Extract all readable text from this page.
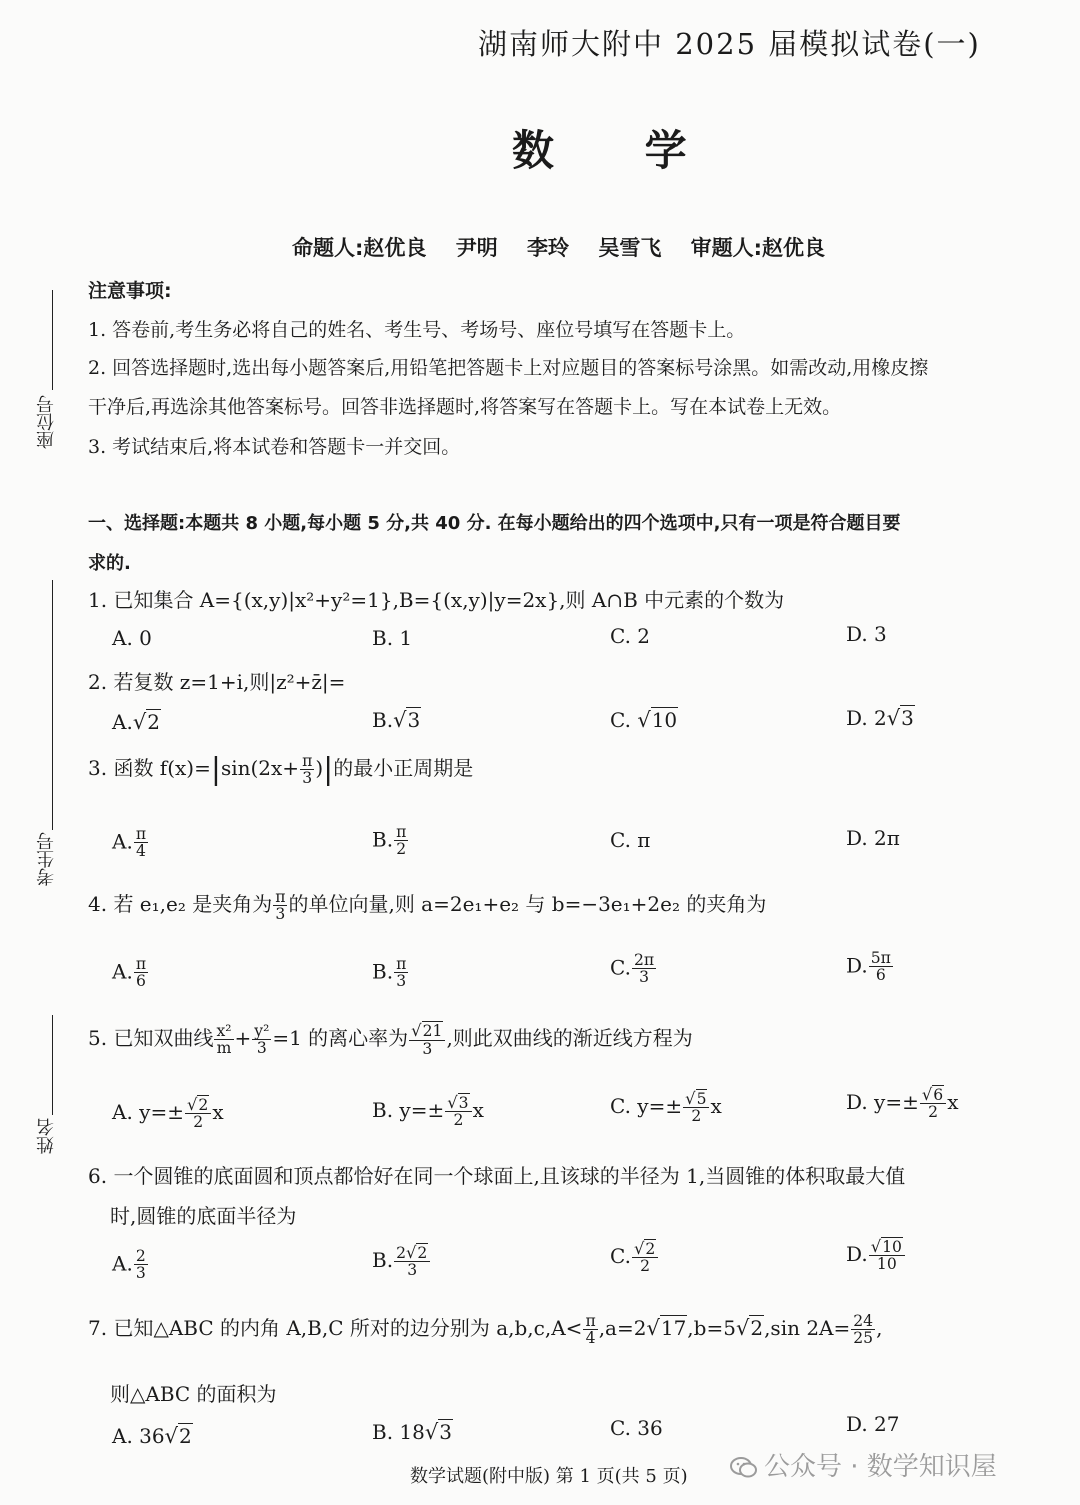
湖南师大附中 2025 届模拟试卷(一)
数 学
命题人:赵优良 尹明 李玲 吴雪飞 审题人:赵优良
座位号
考生号
姓名
注意事项:
1. 答卷前,考生务必将自己的姓名、考生号、考场号、座位号填写在答题卡上。
2. 回答选择题时,选出每小题答案后,用铅笔把答题卡上对应题目的答案标号涂黑。如需改动,用橡皮擦
干净后,再选涂其他答案标号。回答非选择题时,将答案写在答题卡上。写在本试卷上无效。
3. 考试结束后,将本试卷和答题卡一并交回。
一、选择题:本题共 8 小题,每小题 5 分,共 40 分. 在每小题给出的四个选项中,只有一项是符合题目要
求的.
1. 已知集合 A={(x,y)|x²+y²=1},B={(x,y)|y=2x},则 A∩B 中元素的个数为
A. 0	B. 1	C. 2	D. 3
2. 若复数 z=1+i,则|z²+z̄|=
A.√2	B.√3	C. √10	D. 2√3
3. 函数 $f(x)=|\sin(2x+ \frac{\pi}{3}$ )|的最小正周期是
A. $\frac{\pi}{4}$	B. $\frac{\pi}{2}$	C. π	D. 2π
4. 若 e₁,e₂ 是夹角为 $\frac{\pi}{3}$ 的单位向量,则 a=2e₁+e₂ 与 b=−3e₁+2e₂ 的夹角为
A. $\frac{\pi}{6}$	B. $\frac{\pi}{3}$	C. $\frac{2\pi}{3}$	D. $\frac{5\pi}{6}$
5. 已知双曲线 $\frac{\text{x²}}{m} + \frac{\text{y²}}{3} =1$ 的离心率为 $\frac{√21}{3}$ ,则此双曲线的渐近线方程为
A. $y=\pm \frac{√2}{2}$ x	B. $y=\pm \frac{√3}{2}$ x	C. $y=\pm \frac{√5}{2}$ x	D. $y=\pm \frac{√6}{2}$ x
6. 一个圆锥的底面圆和顶点都恰好在同一个球面上,且该球的半径为 1,当圆锥的体积取最大值
时,圆锥的底面半径为
A. $\frac{2}{3}$	B. $\frac{2√2}{3}$	C. $\frac{√2}{2}$	D. $\frac{√10}{10}$
7. 已知△ABC 的内角 A,B,C 所对的边分别为 $a,b,c,A< \frac{\pi}{4} ,a=2√17,b=5√2,\sin$ $2A= \frac{24}{25}$ ,
则△ABC 的面积为
A. 36√2	B. 18√3	C. 36	D. 27
数学试题(附中版) 第 1 页(共 5 页)	公众号 · 数学知识屋
